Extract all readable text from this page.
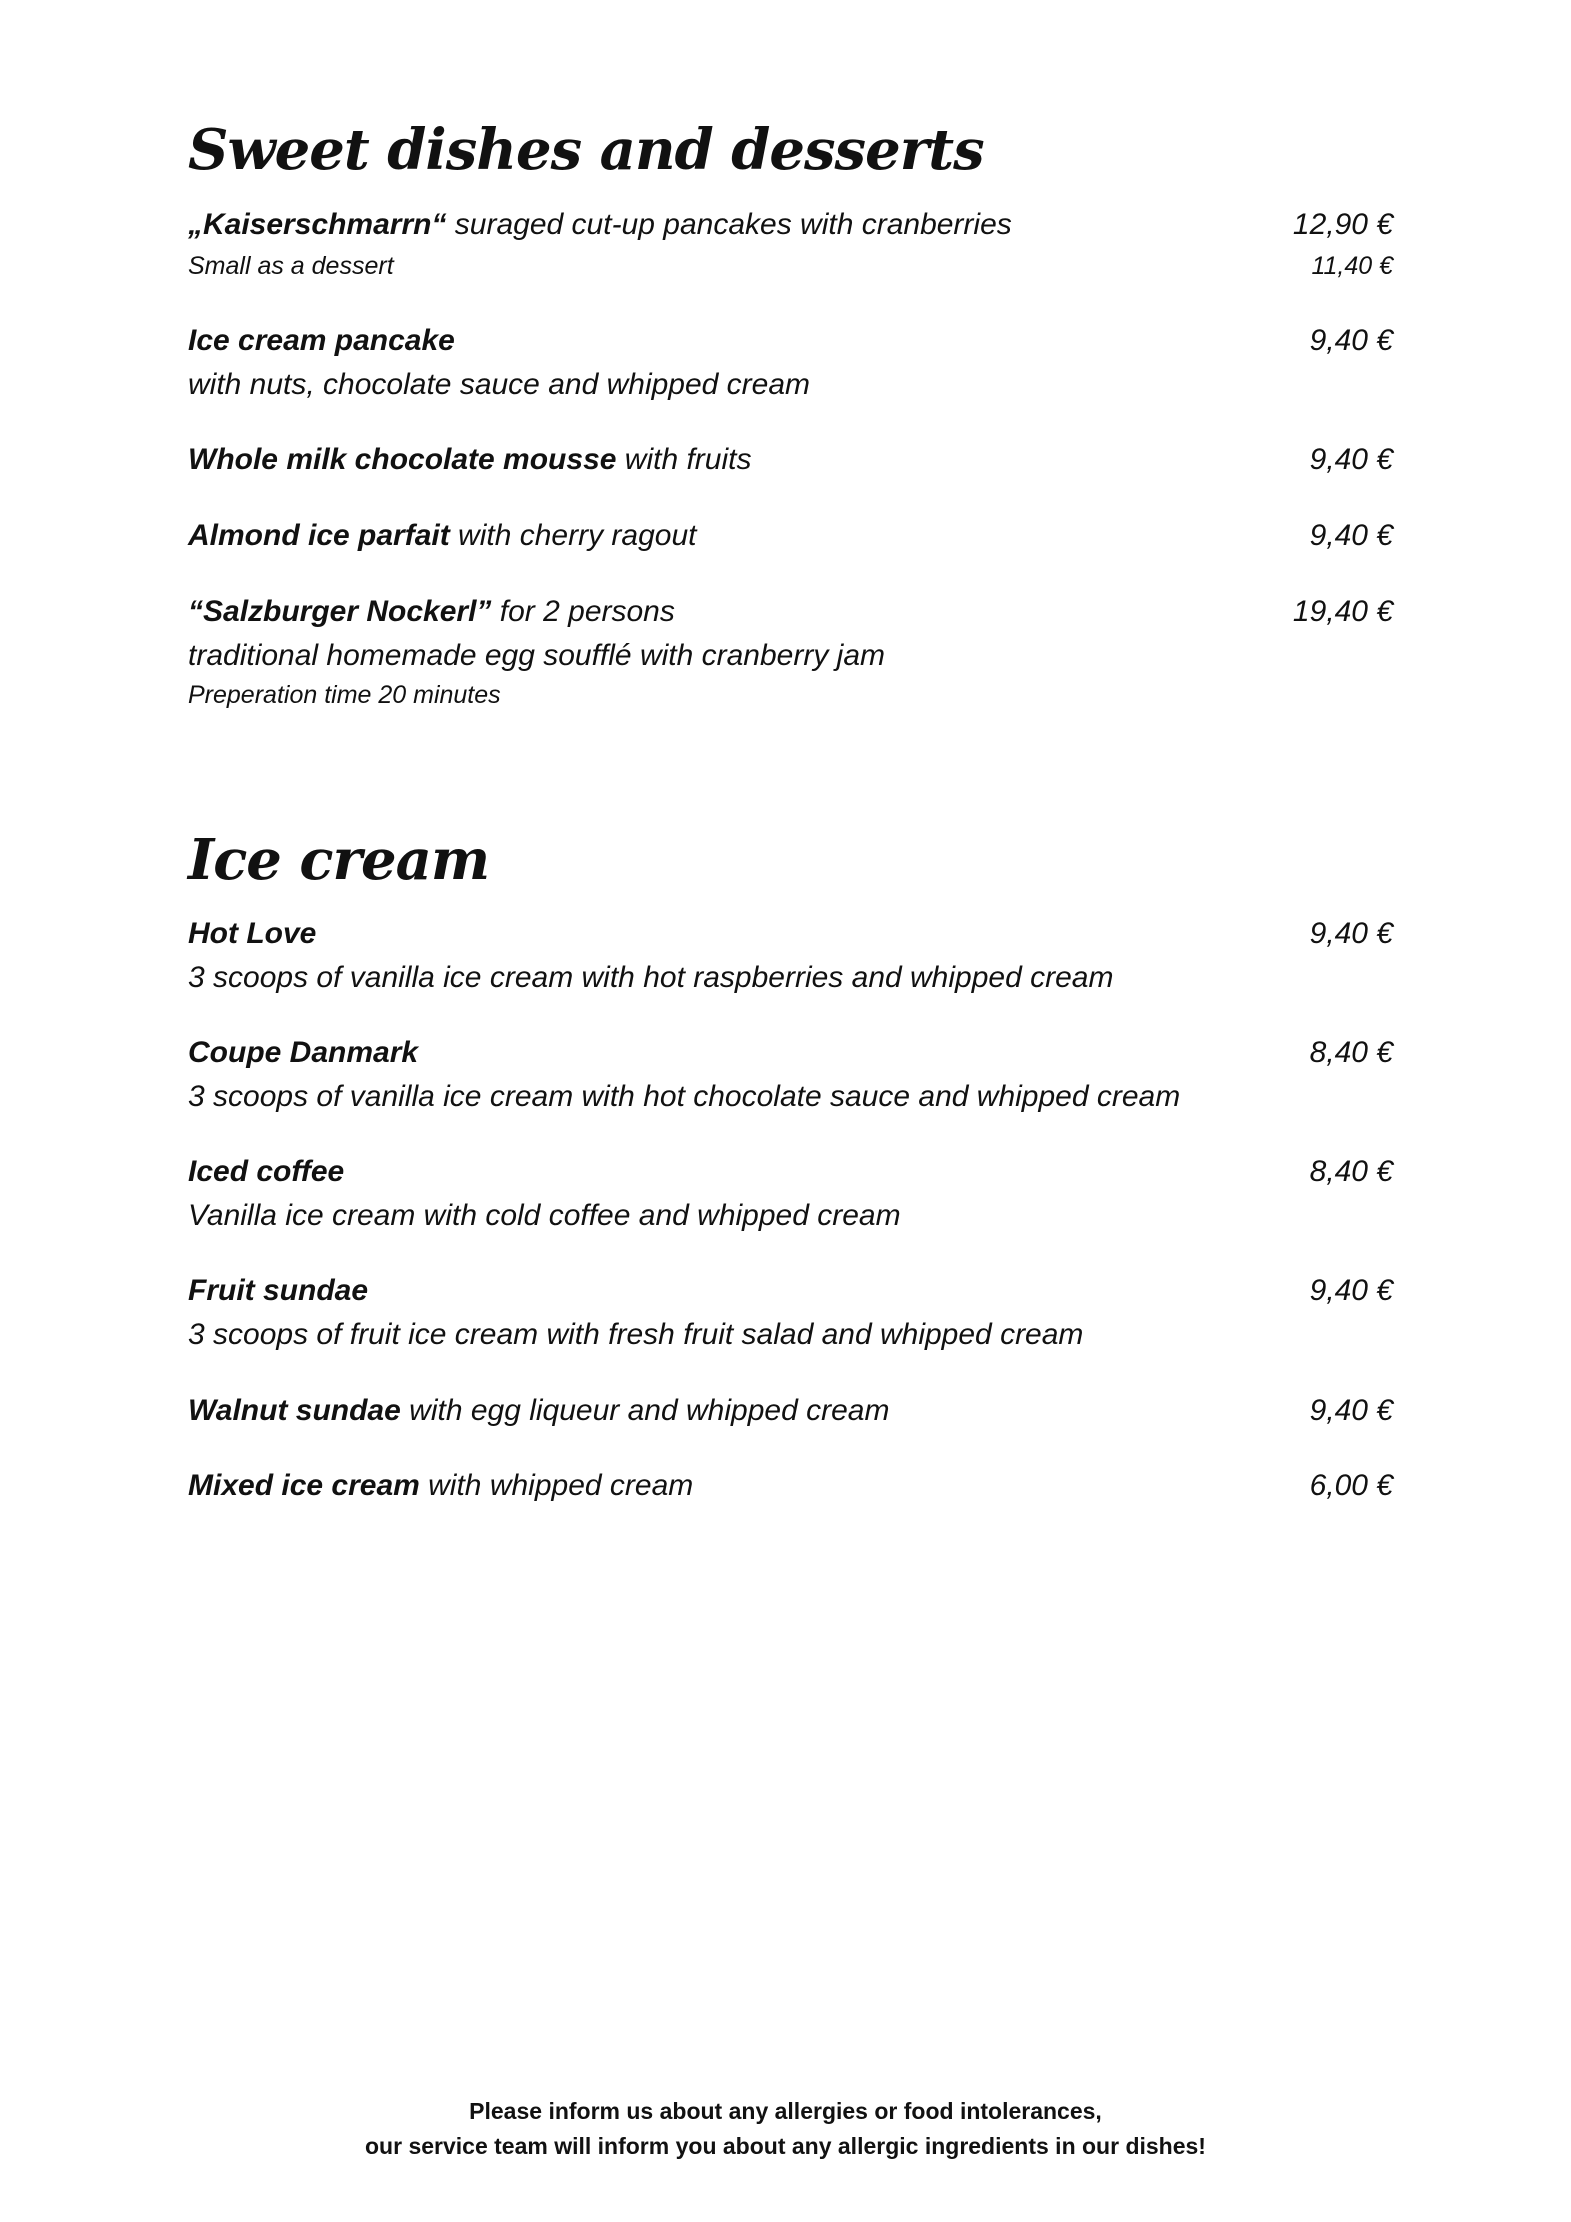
Sweet dishes and desserts
„Kaiserschmarrn“ suraged cut-up pancakes with cranberries	12,90 €
Small as a dessert	11,40 €
Ice cream pancake	9,40 €
with nuts, chocolate sauce and whipped cream
Whole milk chocolate mousse with fruits	9,40 €
Almond ice parfait with cherry ragout	9,40 €
“Salzburger Nockerl” for 2 persons	19,40 €
traditional homemade egg soufflé with cranberry jam
Preperation time 20 minutes
Ice cream
Hot Love	9,40 €
3 scoops of vanilla ice cream with hot raspberries and whipped cream
Coupe Danmark	8,40 €
3 scoops of vanilla ice cream with hot chocolate sauce and whipped cream
Iced coffee	8,40 €
Vanilla ice cream with cold coffee and whipped cream
Fruit sundae	9,40 €
3 scoops of fruit ice cream with fresh fruit salad and whipped cream
Walnut sundae with egg liqueur and whipped cream	9,40 €
Mixed ice cream with whipped cream	6,00 €
Please inform us about any allergies or food intolerances,
our service team will inform you about any allergic ingredients in our dishes!
